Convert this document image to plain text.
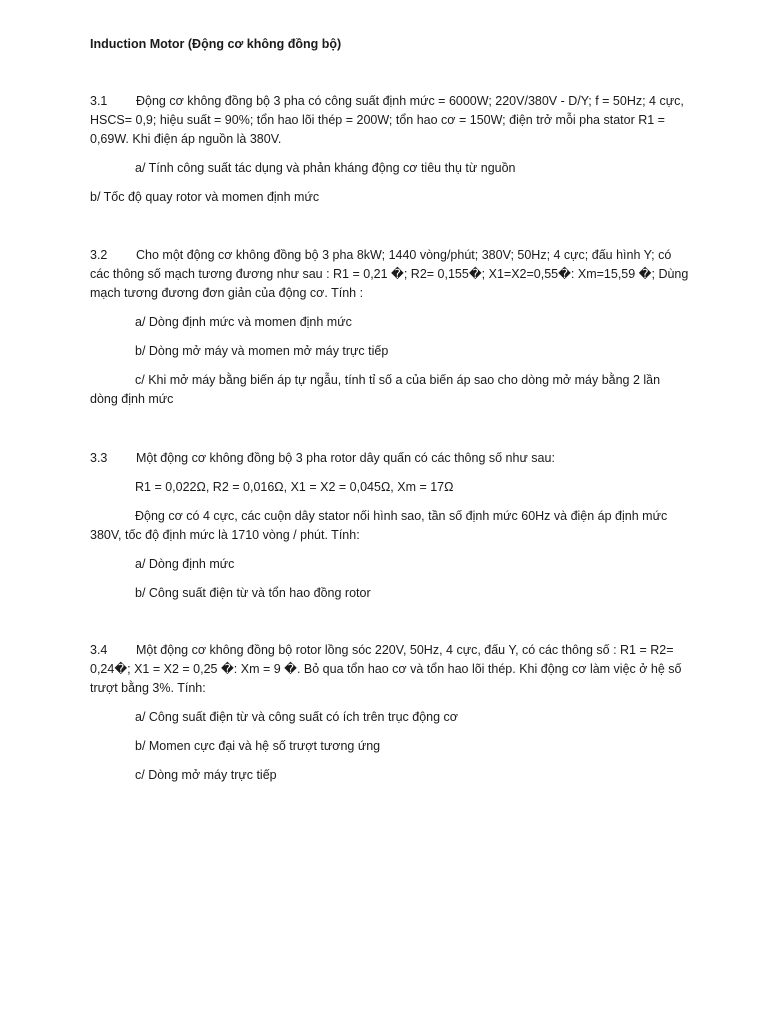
Induction Motor (Động cơ không đồng bộ)

3.1 Động cơ không đồng bộ 3 pha có công suất định mức = 6000W; 220V/380V - D/Y; f = 50Hz; 4 cực,

HSCS= 0,9; hiệu suất = 90%; tổn hao lõi thép = 200W; tổn hao cơ = 150W; điện trở mỗi pha stator R1 =

0,69W. Khi điện áp nguồn là 380V.

a/ Tính công suất tác dụng và phản kháng động cơ tiêu thụ từ nguồn

b/ Tốc độ quay rotor và momen định mức

3.2 Cho một động cơ không đồng bộ 3 pha 8kW; 1440 vòng/phút; 380V; 50Hz; 4 cực; đấu hình Y; có

các thông số mạch tương đương như sau : R1 = 0,21 �; R2= 0,155�; X1=X2=0,55�: Xm=15,59 �; Dùng

mạch tương đương đơn giản của động cơ. Tính :

a/ Dòng định mức và momen định mức

b/ Dòng mở máy và momen mở máy trực tiếp

c/ Khi mở máy bằng biến áp tự ngẫu, tính tỉ số a của biến áp sao cho dòng mở máy bằng 2 lần

dòng định mức

3.3 Một động cơ không đồng bộ 3 pha rotor dây quấn có các thông số như sau:

R1 = 0,022Ω, R2 = 0,016Ω, X1 = X2 = 0,045Ω, Xm = 17Ω

Động cơ có 4 cực, các cuộn dây stator nối hình sao, tần số định mức 60Hz và điện áp định mức

380V, tốc độ định mức là 1710 vòng / phút. Tính:

a/ Dòng định mức

b/ Công suất điện từ và tổn hao đồng rotor

3.4 Một động cơ không đồng bộ rotor lồng sóc 220V, 50Hz, 4 cực, đấu Y, có các thông số : R1 = R2=

0,24�; X1 = X2 = 0,25 �: Xm = 9 �. Bỏ qua tổn hao cơ và tổn hao lõi thép. Khi động cơ làm việc ở hệ số

trượt bằng 3%. Tính:

a/ Công suất điện từ và công suất có ích trên trục động cơ

b/ Momen cực đại và hệ số trượt tương ứng

c/ Dòng mở máy trực tiếp
